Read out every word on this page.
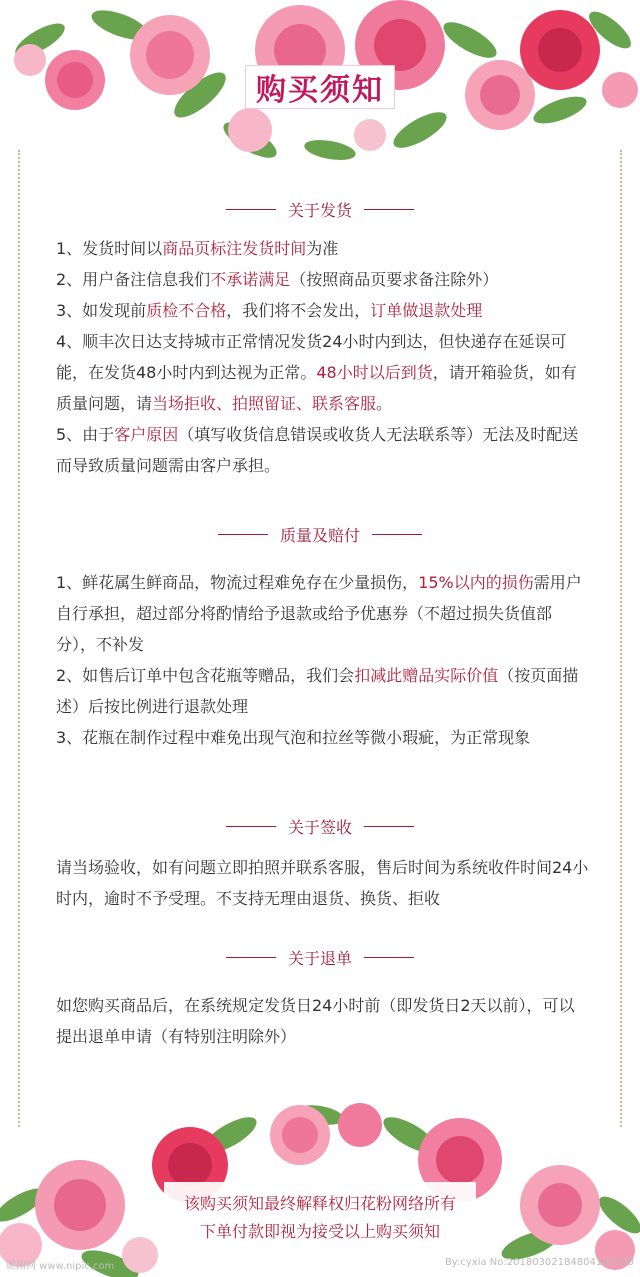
购买须知
关于发货
1、发货时间以商品页标注发货时间为准
2、用户备注信息我们不承诺满足（按照商品页要求备注除外）
3、如发现前质检不合格，我们将不会发出，订单做退款处理
4、顺丰次日达支持城市正常情况发货24小时内到达，但快递存在延误可能，在发货48小时内到达视为正常。48小时以后到货，请开箱验货，如有质量问题，请当场拒收、拍照留证、联系客服。
5、由于客户原因（填写收货信息错误或收货人无法联系等）无法及时配送而导致质量问题需由客户承担。
质量及赔付
1、鲜花属生鲜商品，物流过程难免存在少量损伤，15%以内的损伤需用户自行承担，超过部分将酌情给予退款或给予优惠券（不超过损失货值部分），不补发
2、如售后订单中包含花瓶等赠品，我们会扣减此赠品实际价值（按页面描述）后按比例进行退款处理
3、花瓶在制作过程中难免出现气泡和拉丝等微小瑕疵，为正常现象
关于签收
请当场验收，如有问题立即拍照并联系客服，售后时间为系统收件时间24小时内，逾时不予受理。不支持无理由退货、换货、拒收
关于退单
如您购买商品后，在系统规定发货日24小时前（即发货日2天以前），可以提出退单申请（有特别注明除外）
该购买须知最终解释权归花粉网络所有
下单付款即视为接受以上购买须知
昵图网 www.nipic.com	By:cyxia No:20180302184804163200
